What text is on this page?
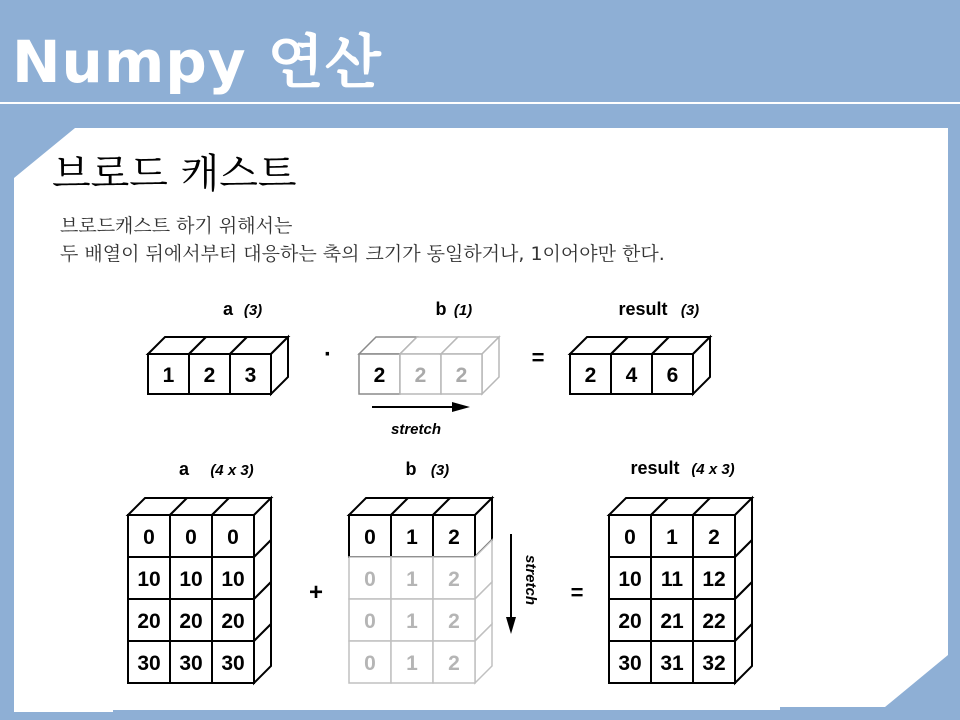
Numpy 연산
a (3)	b (1)	result (3)
1 2 3	2 2 2	2 4 6
·	=
stretch
a (4 x 3)	b (3)	result (4 x 3)
0 0 0
10 10 10
20 20 20
30 30 30
0 1 2
0 1 2
0 1 2
0 1 2
0 1 2
10 11 12
20 21 22
30 31 32
+	=
stretch
브로드 캐스트
브로드캐스트 하기 위해서는
두 배열이 뒤에서부터 대응하는 축의 크기가 동일하거나, 1이어야만 한다.
